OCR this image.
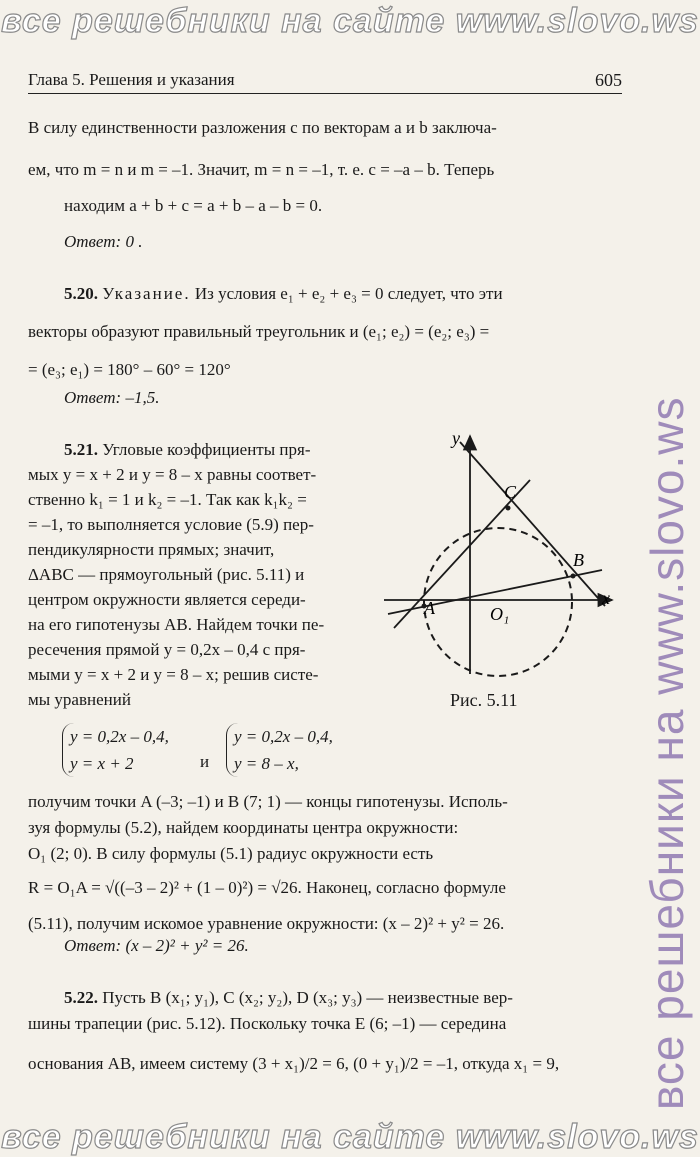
все решебники на сайте www.slovo.ws
Глава 5. Решения и указания	605
В силу единственности разложения c по векторам a и b заключа-
ем, что m = n и m = –1. Значит, m = n = –1, т. е. c = –a – b. Теперь
находим a + b + c = a + b – a – b = 0.
Ответ: 0 .
5.20. Указание. Из условия e₁ + e₂ + e₃ = 0 следует, что эти
векторы образуют правильный треугольник и (e₁; e₂) = (e₂; e₃) =
= (e₃; e₁) = 180° – 60° = 120°
Ответ: –1,5.
5.21. Угловые коэффициенты пря-
мых y = x + 2 и y = 8 – x равны соответ-
ственно k₁ = 1 и k₂ = –1. Так как k₁k₂ =
= –1, то выполняется условие (5.9) пер-
пендикулярности прямых; значит,
ΔABC — прямоугольный (рис. 5.11) и
центром окружности является середи-
на его гипотенузы AB. Найдем точки пе-
ресечения прямой y = 0,2x – 0,4 с пря-
мыми y = x + 2 и y = 8 – x; решив систе-
мы уравнений
y
x
A
B
C
O₁
Рис. 5.11
y = 0,2x – 0,4,
y = x + 2	и
y = 0,2x – 0,4,
y = 8 – x,
получим точки A (–3; –1) и B (7; 1) — концы гипотенузы. Исполь-
зуя формулы (5.2), найдем координаты центра окружности:
O₁ (2; 0). В силу формулы (5.1) радиус окружности есть
R = O₁A = √((–3 – 2)² + (1 – 0)²) = √26. Наконец, согласно формуле
(5.11), получим искомое уравнение окружности: (x – 2)² + y² = 26.
Ответ: (x – 2)² + y² = 26.
5.22. Пусть B (x₁; y₁), C (x₂; y₂), D (x₃; y₃) — неизвестные вер-
шины трапеции (рис. 5.12). Поскольку точка E (6; –1) — середина
основания AB, имеем систему (3 + x₁)/2 = 6, (0 + y₁)/2 = –1, откуда x₁ = 9, все решебники на www.slovo.ws
все решебники на сайте www.slovo.ws
